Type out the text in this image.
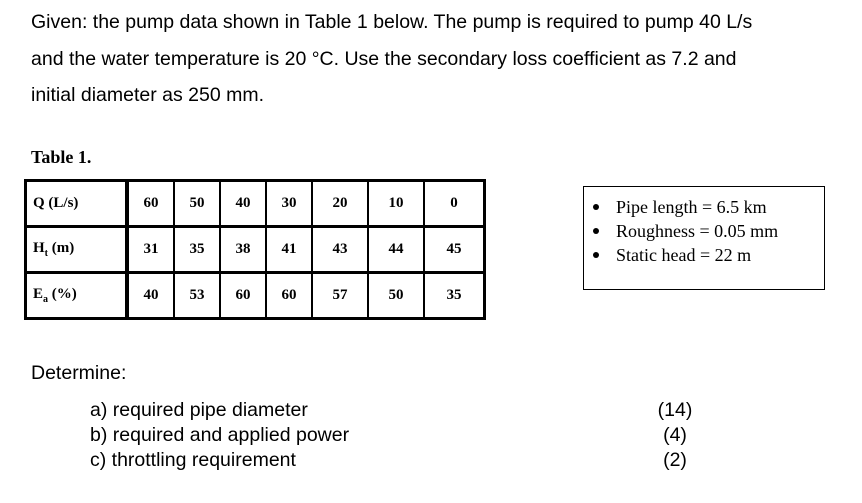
Given: the pump data shown in Table 1 below. The pump is required to pump 40 L/s

and the water temperature is 20 °C. Use the secondary loss coefficient as 7.2 and

initial diameter as 250 mm.

Table 1.
Q (L/s)	60	50	40	30	20	10	0
$H_t$ (m)	31	35	38	41	43	44	45
$E_a$ (%)	40	53	60	60	57	50	35
Pipe length = 6.5 km
Roughness = 0.05 mm
Static head = 22 m
Determine:
a) required pipe diameter
b) required and applied power
c) throttling requirement
(14)
(4)
(2)
